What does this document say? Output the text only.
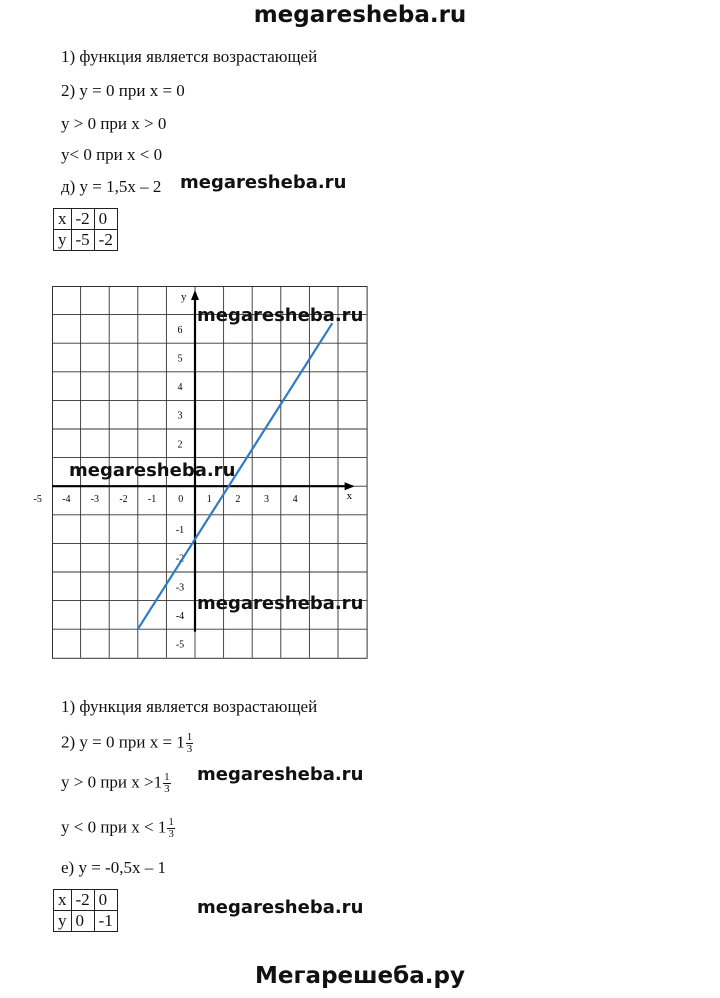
megaresheba.ru
1) функция является возрастающей
2) y = 0 при x = 0
y > 0 при x > 0
y< 0 при x < 0
д) y = 1,5x – 2 megaresheba.ru
x	-2	0
y	-5	-2
x
y
-5 -4 -3 -2 -1 0 1 2 3 4
6
5
4
3
2
-1
-2
-3
-4
-5
megaresheba.ru
megaresheba.ru
megaresheba.ru
1) функция является возрастающей
2) y = 0 при $x = 1 \frac{1}{3}$
y > 0 при $x >1 \frac{1}{3}$ megaresheba.ru
y < 0 при $x < 1 \frac{1}{3}$
е) y = -0,5x – 1
x	-2	0
y	0	-1
megaresheba.ru
Мегарешеба.ру
